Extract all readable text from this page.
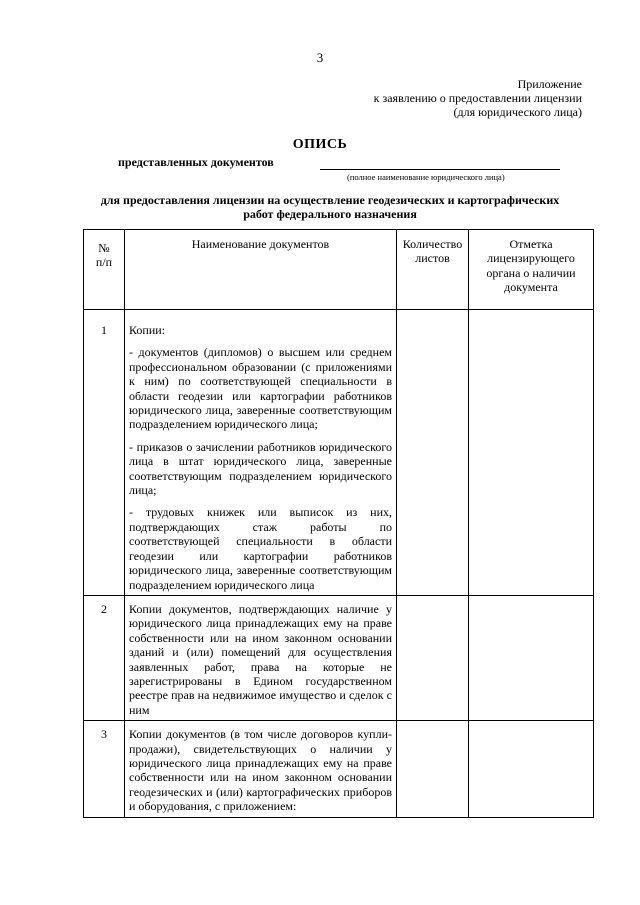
3
Приложение
к заявлению о предоставлении лицензии
(для юридического лица)
ОПИСЬ
представленных документов
(полное наименование юридического лица)
для предоставления лицензии на осуществление геодезических и картографических
работ федерального назначения
№ п/п	Наименование документов	Количество листов	Отметка лицензирующего органа о наличии документа

1	Копии:

- документов (дипломов) о высшем или среднем профессиональном образовании (с приложениями к ним) по соответствующей специальности в области геодезии или картографии работников юридического лица, заверенные соответствующим подразделением юридического лица;

- приказов о зачислении работников юридического лица в штат юридического лица, заверенные соответствующим подразделением юридического лица;

- трудовых книжек или выписок из них, подтверждающих стаж работы по соответствующей специальности в области геодезии или картографии работников юридического лица, заверенные соответствующим подразделением юридического лица		

2	Копии документов, подтверждающих наличие у юридического лица принадлежащих ему на праве собственности или на ином законном основании зданий и (или) помещений для осуществления заявленных работ, права на которые не зарегистрированы в Едином государственном реестре прав на недвижимое имущество и сделок с ним		

3	Копии документов (в том числе договоров купли-продажи), свидетельствующих о наличии у юридического лица принадлежащих ему на праве собственности или на ином законном основании геодезических и (или) картографических приборов и оборудования, с приложением:		
